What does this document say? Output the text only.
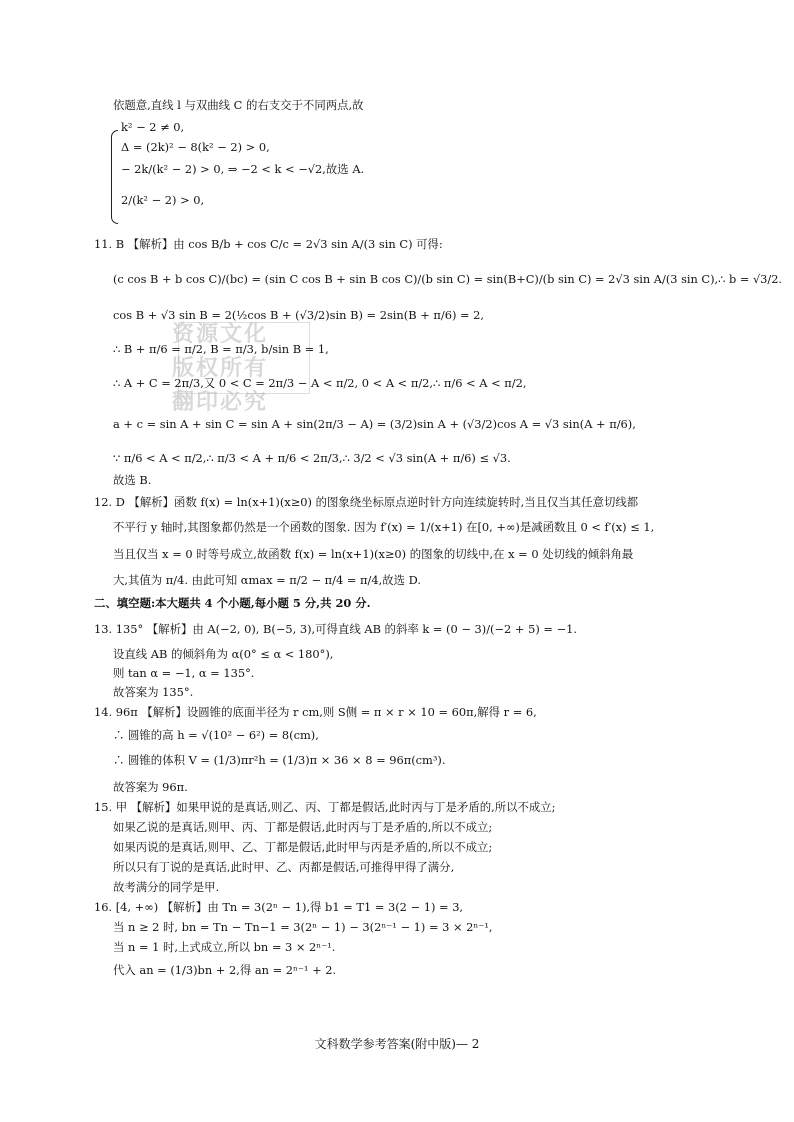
资源文化
版权所有
翻印必究
依题意,直线 l 与双曲线 C 的右支交于不同两点,故
k² − 2 ≠ 0,
Δ = (2k)² − 8(k² − 2) > 0,
− 2k/(k² − 2) > 0, ⇒ −2 < k < −√2,故选 A.
2/(k² − 2) > 0,
11. B 【解析】由 cos B/b + cos C/c = 2√3 sin A/(3 sin C) 可得:
(c cos B + b cos C)/(bc) = (sin C cos B + sin B cos C)/(b sin C) = sin(B+C)/(b sin C) = 2√3 sin A/(3 sin C),∴ b = √3/2.
cos B + √3 sin B = 2(½cos B + (√3/2)sin B) = 2sin(B + π/6) = 2,
∴ B + π/6 = π/2, B = π/3, b/sin B = 1,
∴ A + C = 2π/3,又 0 < C = 2π/3 − A < π/2, 0 < A < π/2,∴ π/6 < A < π/2,
a + c = sin A + sin C = sin A + sin(2π/3 − A) = (3/2)sin A + (√3/2)cos A = √3 sin(A + π/6),
∵ π/6 < A < π/2,∴ π/3 < A + π/6 < 2π/3,∴ 3/2 < √3 sin(A + π/6) ≤ √3.
故选 B.
12. D 【解析】函数 f(x) = ln(x+1)(x≥0) 的图象绕坐标原点逆时针方向连续旋转时,当且仅当其任意切线都
不平行 y 轴时,其图象都仍然是一个函数的图象. 因为 f′(x) = 1/(x+1) 在[0, +∞)是减函数且 0 < f′(x) ≤ 1,
当且仅当 x = 0 时等号成立,故函数 f(x) = ln(x+1)(x≥0) 的图象的切线中,在 x = 0 处切线的倾斜角最
大,其值为 π/4. 由此可知 αmax = π/2 − π/4 = π/4,故选 D.
二、填空题:本大题共 4 个小题,每小题 5 分,共 20 分.
13. 135° 【解析】由 A(−2, 0), B(−5, 3),可得直线 AB 的斜率 k = (0 − 3)/(−2 + 5) = −1.
设直线 AB 的倾斜角为 α(0° ≤ α < 180°),
则 tan α = −1, α = 135°.
故答案为 135°.
14. 96π 【解析】设圆锥的底面半径为 r cm,则 S侧 = π × r × 10 = 60π,解得 r = 6,
∴ 圆锥的高 h = √(10² − 6²) = 8(cm),
∴ 圆锥的体积 V = (1/3)πr²h = (1/3)π × 36 × 8 = 96π(cm³).
故答案为 96π.
15. 甲 【解析】如果甲说的是真话,则乙、丙、丁都是假话,此时丙与丁是矛盾的,所以不成立;
如果乙说的是真话,则甲、丙、丁都是假话,此时丙与丁是矛盾的,所以不成立;
如果丙说的是真话,则甲、乙、丁都是假话,此时甲与丙是矛盾的,所以不成立;
所以只有丁说的是真话,此时甲、乙、丙都是假话,可推得甲得了满分,
故考满分的同学是甲.
16. [4, +∞) 【解析】由 Tn = 3(2ⁿ − 1),得 b1 = T1 = 3(2 − 1) = 3,
当 n ≥ 2 时, bn = Tn − Tn−1 = 3(2ⁿ − 1) − 3(2ⁿ⁻¹ − 1) = 3 × 2ⁿ⁻¹,
当 n = 1 时,上式成立,所以 bn = 3 × 2ⁿ⁻¹.
代入 an = (1/3)bn + 2,得 an = 2ⁿ⁻¹ + 2.
文科数学参考答案(附中版)— 2
